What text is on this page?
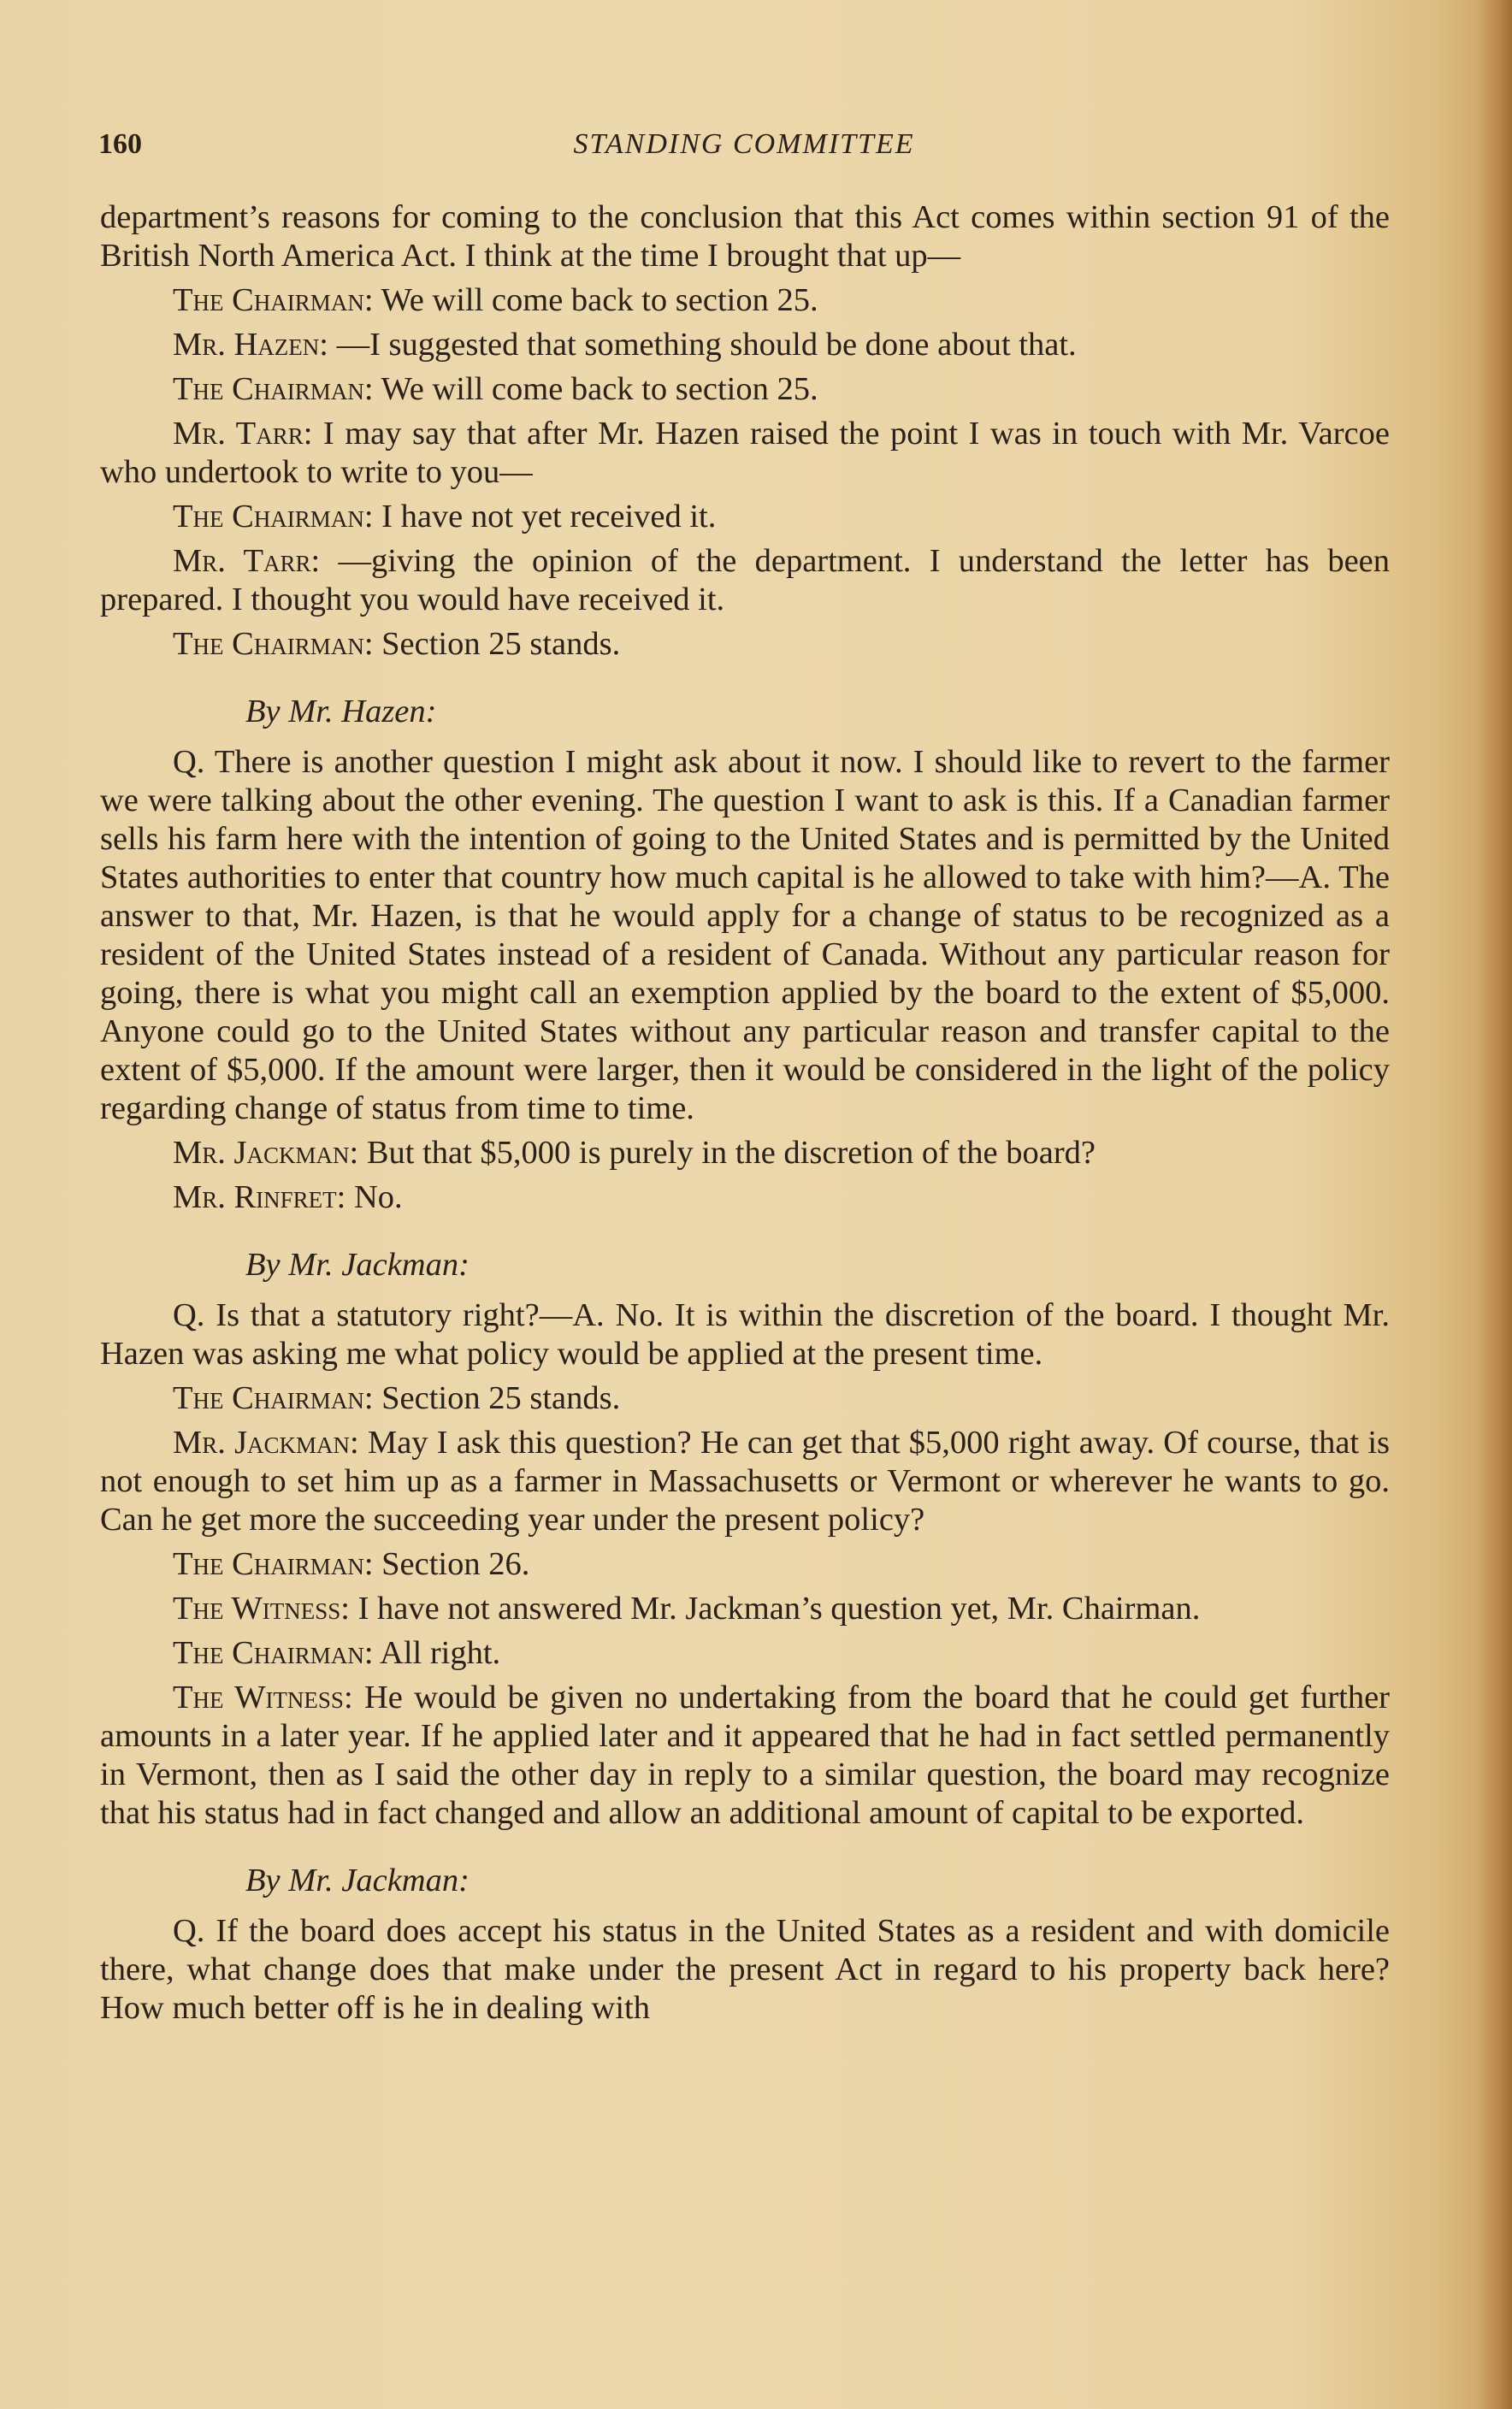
160	STANDING COMMITTEE

department’s reasons for coming to the conclusion that this Act comes within section 91 of the British North America Act. I think at the time I brought that up—

The Chairman: We will come back to section 25.

Mr. Hazen: —I suggested that something should be done about that.

The Chairman: We will come back to section 25.

Mr. Tarr: I may say that after Mr. Hazen raised the point I was in touch with Mr. Varcoe who undertook to write to you—

The Chairman: I have not yet received it.

Mr. Tarr: —giving the opinion of the department. I understand the letter has been prepared. I thought you would have received it.

The Chairman: Section 25 stands.

By Mr. Hazen:

Q. There is another question I might ask about it now. I should like to revert to the farmer we were talking about the other evening. The question I want to ask is this. If a Canadian farmer sells his farm here with the intention of going to the United States and is permitted by the United States authorities to enter that country how much capital is he allowed to take with him?—A. The answer to that, Mr. Hazen, is that he would apply for a change of status to be recognized as a resident of the United States instead of a resident of Canada. Without any particular reason for going, there is what you might call an exemption applied by the board to the extent of $5,000. Anyone could go to the United States without any particular reason and transfer capital to the extent of $5,000. If the amount were larger, then it would be considered in the light of the policy regarding change of status from time to time.

Mr. Jackman: But that $5,000 is purely in the discretion of the board?

Mr. Rinfret: No.

By Mr. Jackman:

Q. Is that a statutory right?—A. No. It is within the discretion of the board. I thought Mr. Hazen was asking me what policy would be applied at the present time.

The Chairman: Section 25 stands.

Mr. Jackman: May I ask this question? He can get that $5,000 right away. Of course, that is not enough to set him up as a farmer in Massachusetts or Vermont or wherever he wants to go. Can he get more the succeeding year under the present policy?

The Chairman: Section 26.

The Witness: I have not answered Mr. Jackman’s question yet, Mr. Chairman.

The Chairman: All right.

The Witness: He would be given no undertaking from the board that he could get further amounts in a later year. If he applied later and it appeared that he had in fact settled permanently in Vermont, then as I said the other day in reply to a similar question, the board may recognize that his status had in fact changed and allow an additional amount of capital to be exported.

By Mr. Jackman:

Q. If the board does accept his status in the United States as a resident and with domicile there, what change does that make under the present Act in regard to his property back here? How much better off is he in dealing with
